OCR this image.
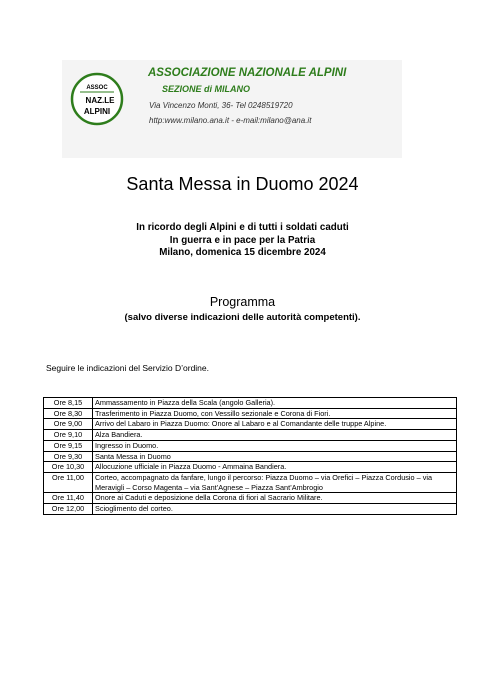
ASSOC
NAZ.LE
ALPINI
ASSOCIAZIONE NAZIONALE ALPINI
SEZIONE di MILANO
Via Vincenzo Monti, 36- Tel 0248519720
http:www.milano.ana.it - e-mail:milano@ana.it
Santa Messa in Duomo 2024
In ricordo degli Alpini e di tutti i soldati caduti
In guerra e in pace per la Patria
Milano, domenica 15 dicembre 2024
Programma
(salvo diverse indicazioni delle autorità competenti).
Seguire le indicazioni del Servizio D’ordine.
Ore 8,15	Ammassamento in Piazza della Scala (angolo Galleria).
Ore 8,30	Trasferimento in Piazza Duomo, con Vessillo sezionale e Corona di Fiori.
Ore 9,00	Arrivo del Labaro in Piazza Duomo: Onore al Labaro e al Comandante delle truppe Alpine.
Ore 9,10	Alza Bandiera.
Ore 9,15	Ingresso in Duomo.
Ore 9,30	Santa Messa in Duomo
Ore 10,30	Allocuzione ufficiale in Piazza Duomo - Ammaina Bandiera.
Ore 11,00	Corteo, accompagnato da fanfare, lungo il percorso: Piazza Duomo – via Orefici – Piazza Cordusio – via Meravigli – Corso Magenta – via Sant’Agnese – Piazza Sant’Ambrogio
Ore 11,40	Onore ai Caduti e deposizione della Corona di fiori al Sacrario Militare.
Ore 12,00	Scioglimento del corteo.
